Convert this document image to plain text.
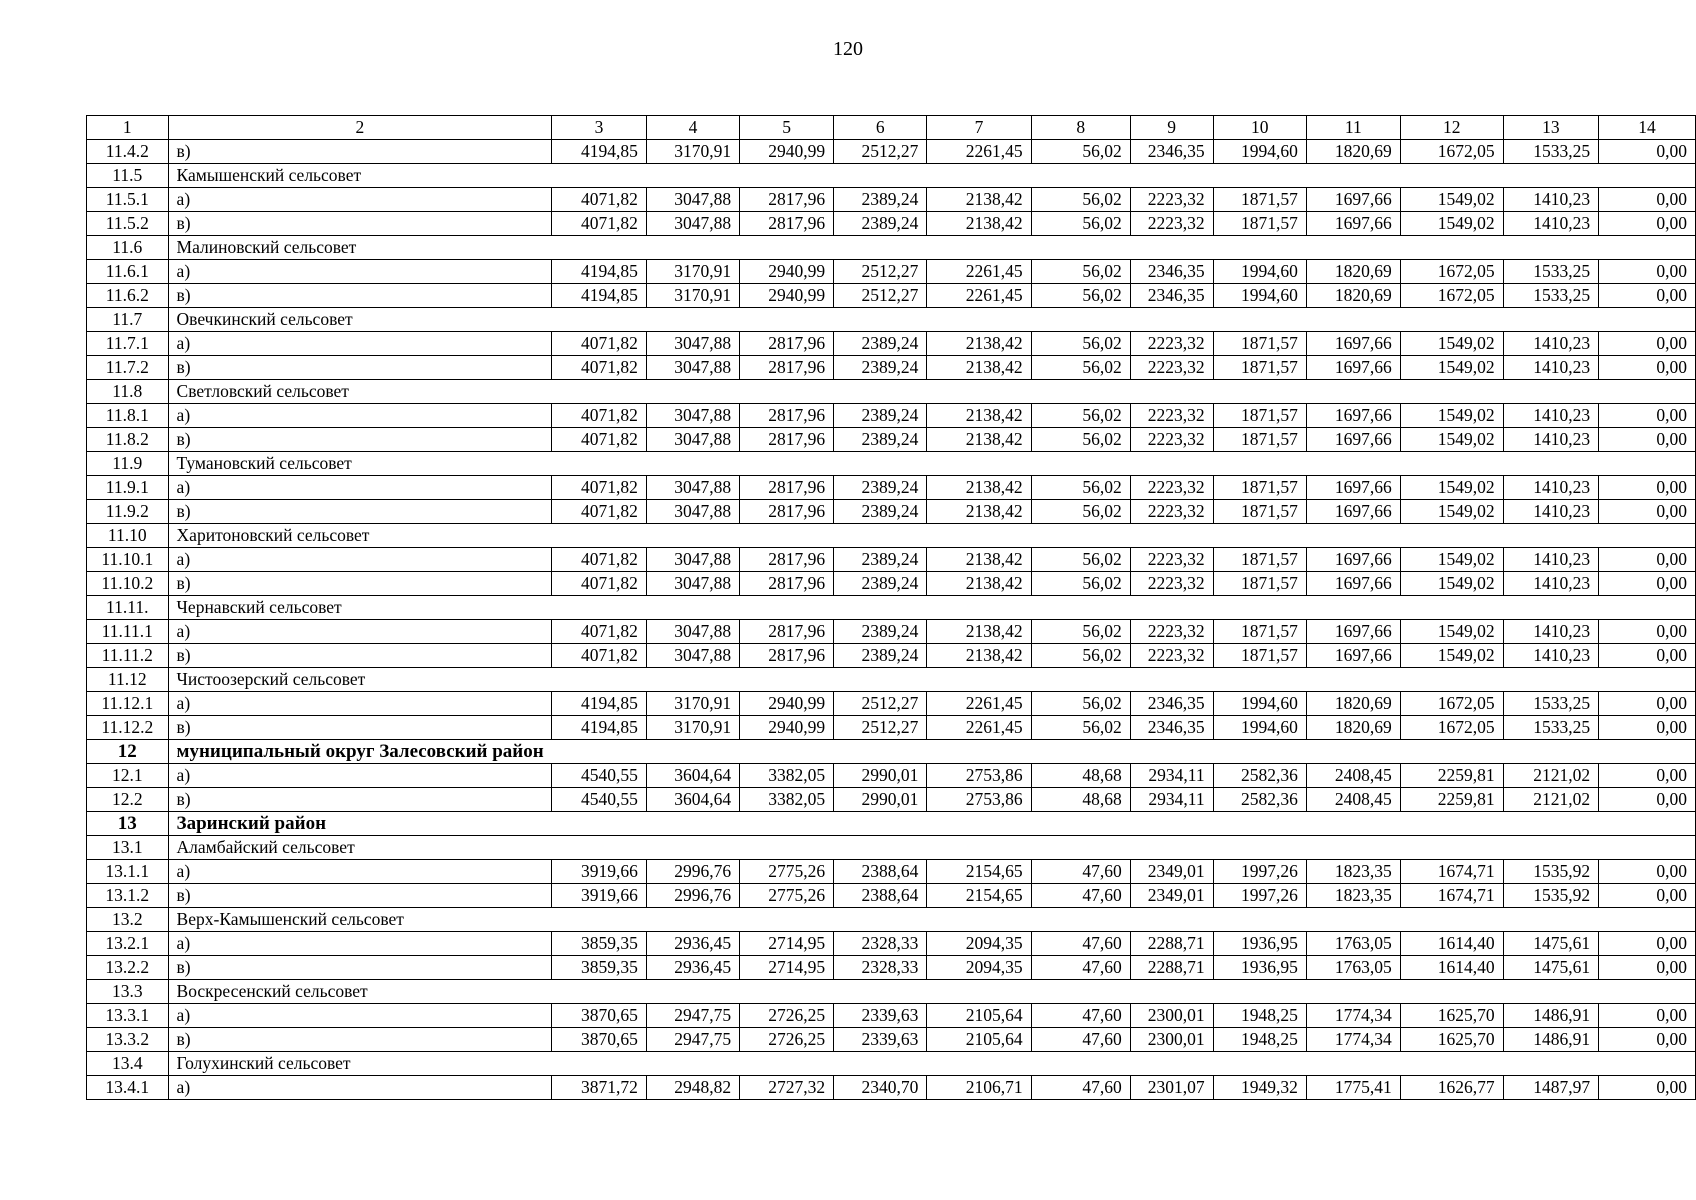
120
1	2	3	4	5	6	7	8	9	10	11	12	13	14
11.4.2	в)	4194,85	3170,91	2940,99	2512,27	2261,45	56,02	2346,35	1994,60	1820,69	1672,05	1533,25	0,00
11.5	Камышенский сельсовет												
11.5.1	а)	4071,82	3047,88	2817,96	2389,24	2138,42	56,02	2223,32	1871,57	1697,66	1549,02	1410,23	0,00
11.5.2	в)	4071,82	3047,88	2817,96	2389,24	2138,42	56,02	2223,32	1871,57	1697,66	1549,02	1410,23	0,00
11.6	Малиновский сельсовет												
11.6.1	а)	4194,85	3170,91	2940,99	2512,27	2261,45	56,02	2346,35	1994,60	1820,69	1672,05	1533,25	0,00
11.6.2	в)	4194,85	3170,91	2940,99	2512,27	2261,45	56,02	2346,35	1994,60	1820,69	1672,05	1533,25	0,00
11.7	Овечкинский сельсовет												
11.7.1	а)	4071,82	3047,88	2817,96	2389,24	2138,42	56,02	2223,32	1871,57	1697,66	1549,02	1410,23	0,00
11.7.2	в)	4071,82	3047,88	2817,96	2389,24	2138,42	56,02	2223,32	1871,57	1697,66	1549,02	1410,23	0,00
11.8	Светловский сельсовет												
11.8.1	а)	4071,82	3047,88	2817,96	2389,24	2138,42	56,02	2223,32	1871,57	1697,66	1549,02	1410,23	0,00
11.8.2	в)	4071,82	3047,88	2817,96	2389,24	2138,42	56,02	2223,32	1871,57	1697,66	1549,02	1410,23	0,00
11.9	Тумановский сельсовет												
11.9.1	а)	4071,82	3047,88	2817,96	2389,24	2138,42	56,02	2223,32	1871,57	1697,66	1549,02	1410,23	0,00
11.9.2	в)	4071,82	3047,88	2817,96	2389,24	2138,42	56,02	2223,32	1871,57	1697,66	1549,02	1410,23	0,00
11.10	Харитоновский сельсовет												
11.10.1	а)	4071,82	3047,88	2817,96	2389,24	2138,42	56,02	2223,32	1871,57	1697,66	1549,02	1410,23	0,00
11.10.2	в)	4071,82	3047,88	2817,96	2389,24	2138,42	56,02	2223,32	1871,57	1697,66	1549,02	1410,23	0,00
11.11.	Чернавский сельсовет												
11.11.1	а)	4071,82	3047,88	2817,96	2389,24	2138,42	56,02	2223,32	1871,57	1697,66	1549,02	1410,23	0,00
11.11.2	в)	4071,82	3047,88	2817,96	2389,24	2138,42	56,02	2223,32	1871,57	1697,66	1549,02	1410,23	0,00
11.12	Чистоозерский сельсовет												
11.12.1	а)	4194,85	3170,91	2940,99	2512,27	2261,45	56,02	2346,35	1994,60	1820,69	1672,05	1533,25	0,00
11.12.2	в)	4194,85	3170,91	2940,99	2512,27	2261,45	56,02	2346,35	1994,60	1820,69	1672,05	1533,25	0,00
12	муниципальный округ Залесовский район												
12.1	а)	4540,55	3604,64	3382,05	2990,01	2753,86	48,68	2934,11	2582,36	2408,45	2259,81	2121,02	0,00
12.2	в)	4540,55	3604,64	3382,05	2990,01	2753,86	48,68	2934,11	2582,36	2408,45	2259,81	2121,02	0,00
13	Заринский район												
13.1	Аламбайский сельсовет												
13.1.1	а)	3919,66	2996,76	2775,26	2388,64	2154,65	47,60	2349,01	1997,26	1823,35	1674,71	1535,92	0,00
13.1.2	в)	3919,66	2996,76	2775,26	2388,64	2154,65	47,60	2349,01	1997,26	1823,35	1674,71	1535,92	0,00
13.2	Верх-Камышенский сельсовет												
13.2.1	а)	3859,35	2936,45	2714,95	2328,33	2094,35	47,60	2288,71	1936,95	1763,05	1614,40	1475,61	0,00
13.2.2	в)	3859,35	2936,45	2714,95	2328,33	2094,35	47,60	2288,71	1936,95	1763,05	1614,40	1475,61	0,00
13.3	Воскресенский сельсовет												
13.3.1	а)	3870,65	2947,75	2726,25	2339,63	2105,64	47,60	2300,01	1948,25	1774,34	1625,70	1486,91	0,00
13.3.2	в)	3870,65	2947,75	2726,25	2339,63	2105,64	47,60	2300,01	1948,25	1774,34	1625,70	1486,91	0,00
13.4	Голухинский сельсовет												
13.4.1	а)	3871,72	2948,82	2727,32	2340,70	2106,71	47,60	2301,07	1949,32	1775,41	1626,77	1487,97	0,00
